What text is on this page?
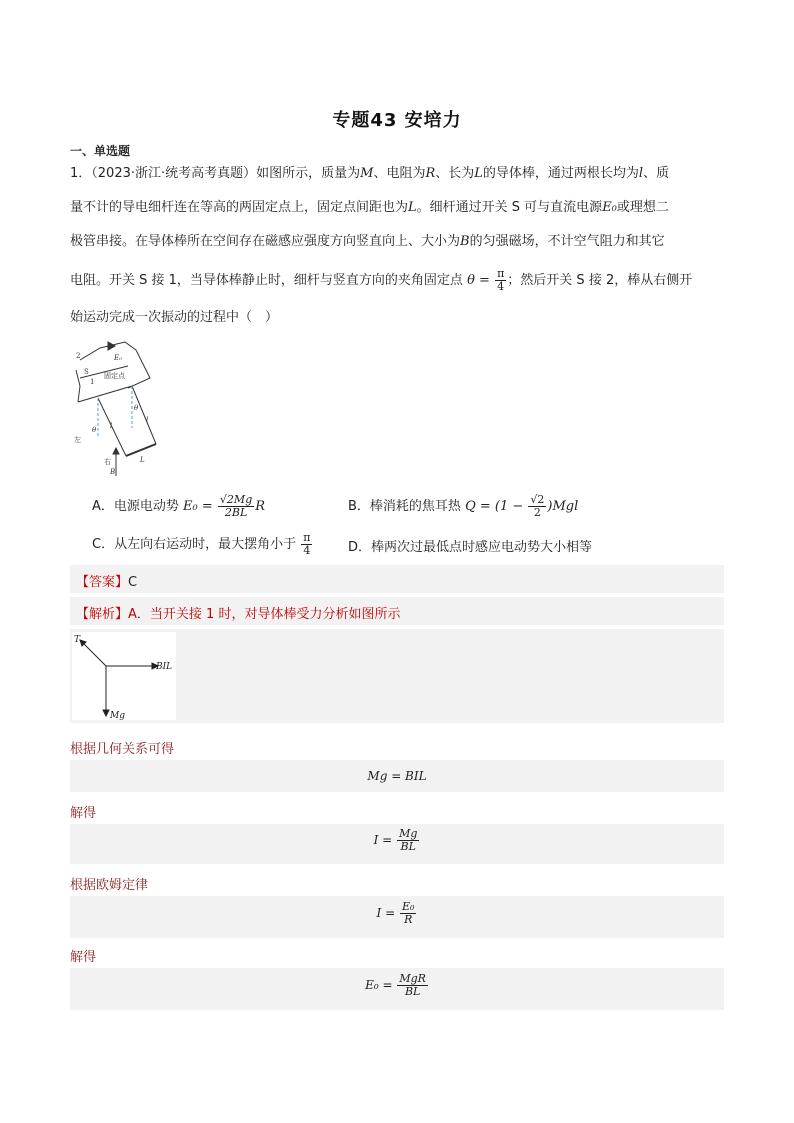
专题43 安培力
一、单选题
1．（2023·浙江·统考高考真题）如图所示，质量为M、电阻为R、长为L的导体棒，通过两根长均为l、质
量不计的导电细杆连在等高的两固定点上，固定点间距也为L。细杆通过开关 S 可与直流电源E₀或理想二
极管串接。在导体棒所在空间存在磁感应强度方向竖直向上、大小为B的匀强磁场，不计空气阻力和其它
电阻。开关 S 接 1，当导体棒静止时，细杆与竖直方向的夹角固定点 $\theta = \frac{\pi}{4}$ ；然后开关 S 接 2，棒从右侧开
始运动完成一次振动的过程中（　）
2
S
1
E₀
固定点
l
θ
θ
l
左
右
B
L
A．电源电动势 $E_0 = \frac{√2Mg}{2BL}$ R	B．棒消耗的焦耳热 $Q = (1 - \frac{√2}{2} )Mgl$
C．从左向右运动时，最大摆角小于 $\frac{\pi}{4}$	D．棒两次过最低点时感应电动势大小相等
【答案】C
【解析】A．当开关接 1 时，对导体棒受力分析如图所示
T
BIL
Mg
根据几何关系可得
Mg = BIL
解得
$I = \frac{Mg}{BL}$
根据欧姆定律
$I = \frac{\text{E₀}}{R}$
解得
$E_0 = \frac{\text{MgR}}{BL}$
